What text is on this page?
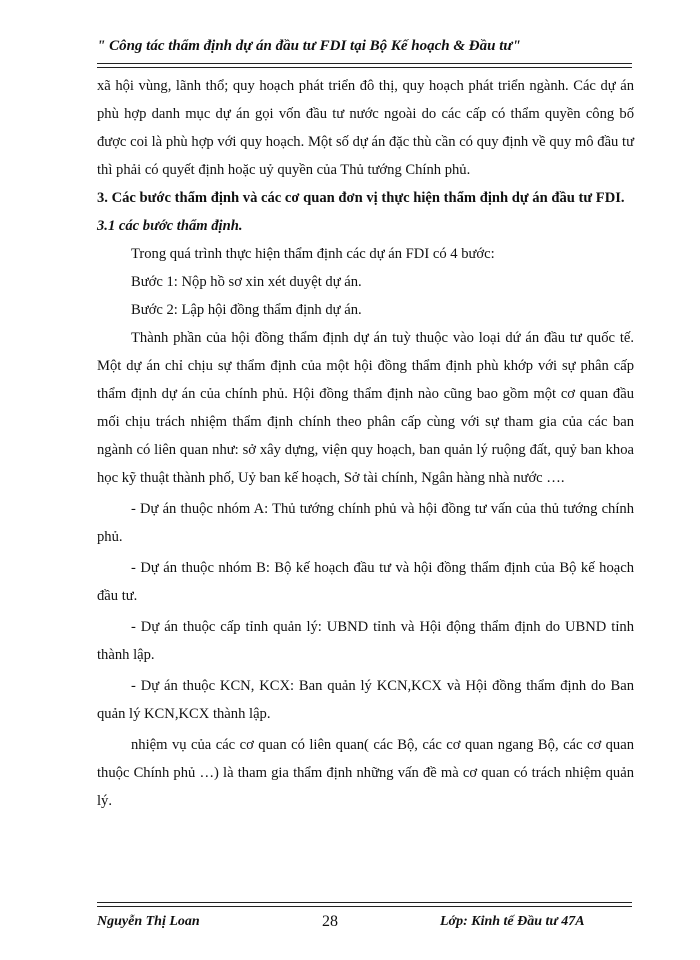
" Công tác thẩm định dự án đầu tư FDI tại Bộ Kế hoạch & Đầu tư"

xã hội vùng, lãnh thổ; quy hoạch phát triển đô thị, quy hoạch phát triển ngành. Các dự án phù hợp danh mục dự án gọi vốn đầu tư nước ngoài do các cấp có thẩm quyền công bố được coi là phù hợp với quy hoạch. Một số dự án đặc thù cần có quy định về quy mô đầu tư thì phải có quyết định hoặc uỷ quyền của Thủ tướng Chính phủ.

3. Các bước thẩm định và các cơ quan đơn vị thực hiện thẩm định dự án đầu tư FDI.

3.1 các bước thẩm định.

Trong quá trình thực hiện thẩm định các dự án FDI có 4 bước:

Bước 1: Nộp hồ sơ xin xét duyệt dự án.

Bước 2: Lập hội đồng thẩm định dự án.

Thành phần của hội đồng thẩm định dự án tuỳ thuộc vào loại dứ án đầu tư quốc tế. Một dự án chỉ chịu sự thẩm định của một hội đồng thẩm định phù khớp với sự phân cấp thẩm định dự án của chính phủ. Hội đồng thẩm định nào cũng bao gồm một cơ quan đầu mối chịu trách nhiệm thẩm định chính theo phân cấp cùng với sự tham gia của các ban ngành có liên quan như: sở xây dựng, viện quy hoạch, ban quản lý ruộng đất, quỷ ban khoa học kỹ thuật thành phố, Uỷ ban kế hoạch, Sở tài chính, Ngân hàng nhà nước ….

- Dự án thuộc nhóm A: Thủ tướng chính phủ và hội đồng tư vấn của thủ tướng chính phủ.

- Dự án thuộc nhóm B: Bộ kế hoạch đầu tư và hội đồng thẩm định của Bộ kế hoạch đầu tư.

- Dự án thuộc cấp tỉnh quản lý: UBND tỉnh và Hội động thẩm định do UBND tỉnh thành lập.

- Dự án thuộc KCN, KCX: Ban quản lý KCN,KCX và Hội đồng thẩm định do Ban quản lý KCN,KCX thành lập.

nhiệm vụ của các cơ quan có liên quan( các Bộ, các cơ quan ngang Bộ, các cơ quan thuộc Chính phủ …) là tham gia thẩm định những vấn đề mà cơ quan có trách nhiệm quản lý.

Nguyễn Thị Loan	28	Lớp: Kinh tế Đầu tư 47A
